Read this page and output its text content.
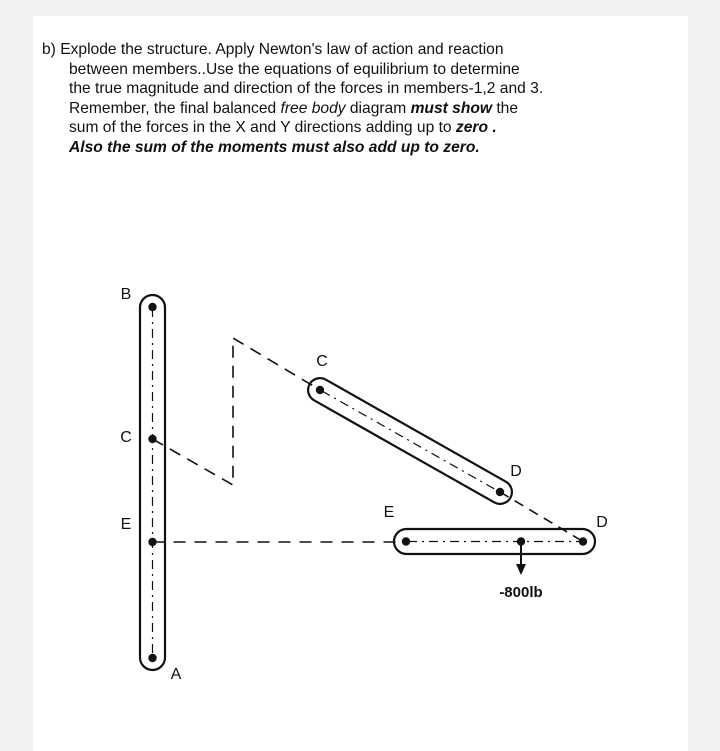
b) Explode the structure. Apply Newton's law of action and reaction
between members..Use the equations of equilibrium to determine
the true magnitude and direction of the forces in members-1,2 and 3.
Remember, the final balanced free body diagram must show the
sum of the forces in the X and Y directions adding up to zero .
Also the sum of the moments must also add up to zero.
B
C
E
A
C
D
E
D
-800lb
